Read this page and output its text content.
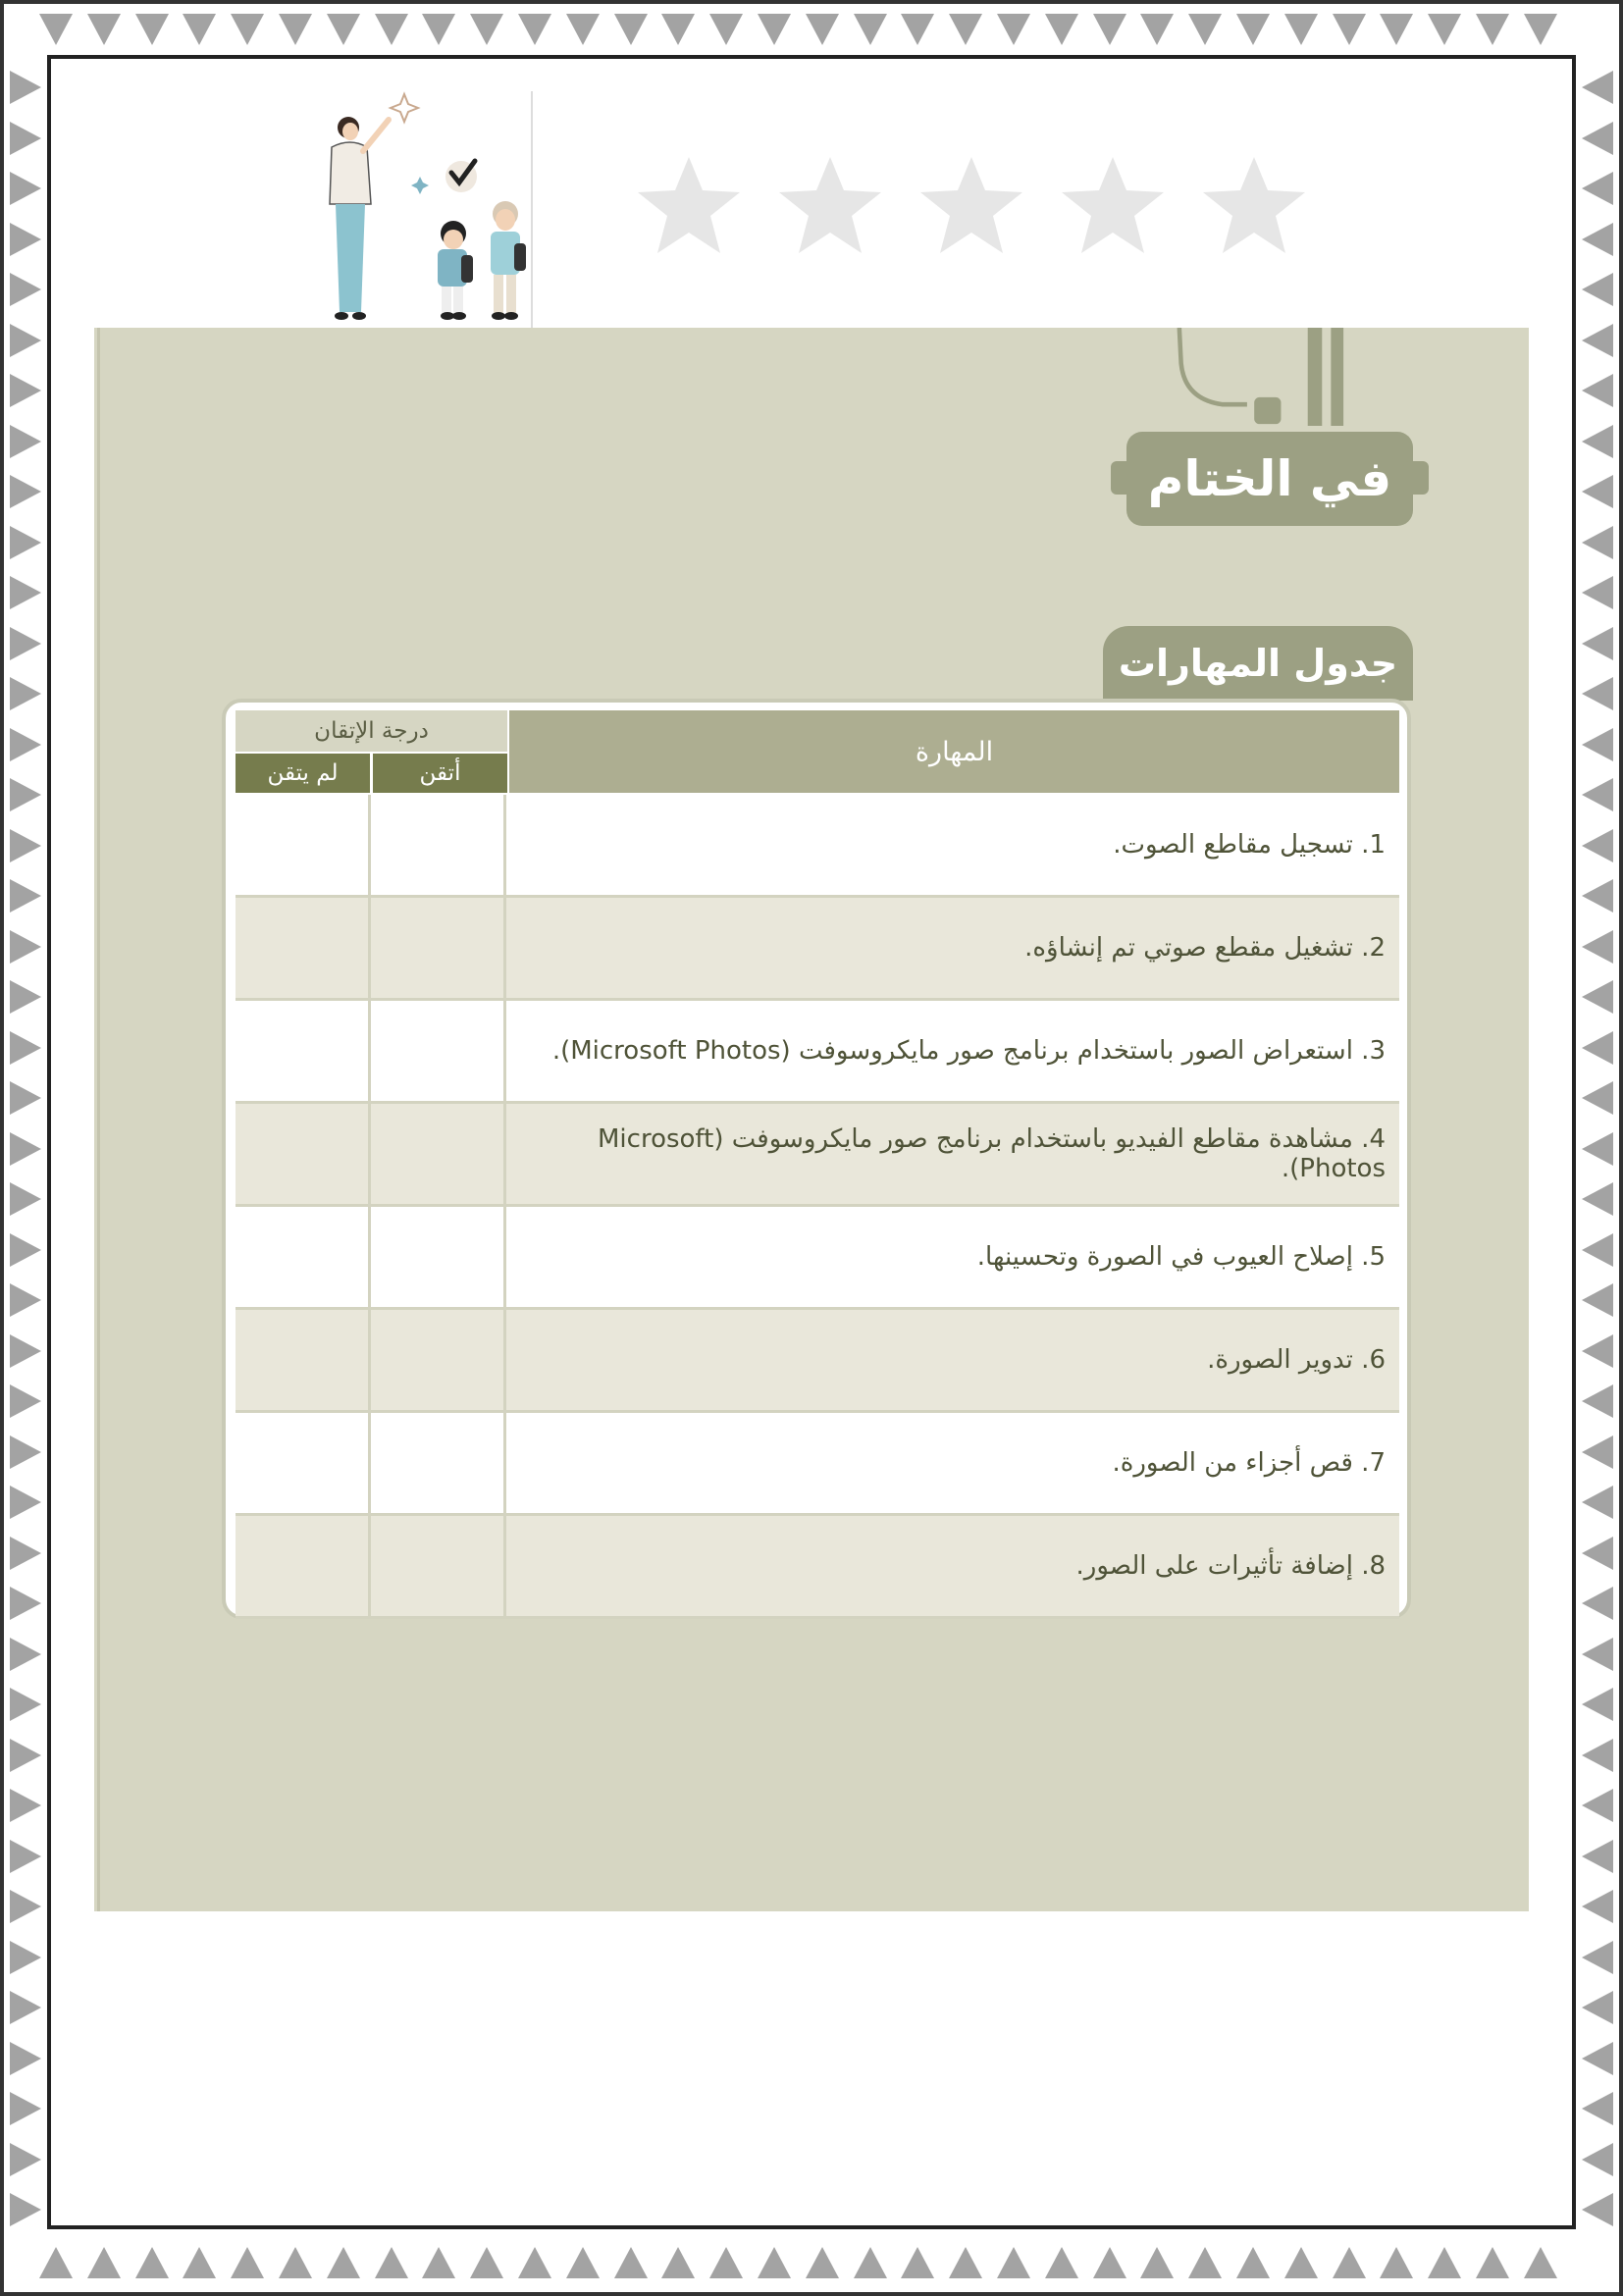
في الختام
جدول المهارات
المهارة
درجة الإتقان
أتقن
لم يتقن
1. تسجيل مقاطع الصوت.
2. تشغيل مقطع صوتي تم إنشاؤه.
3. استعراض الصور باستخدام برنامج صور مايكروسوفت (Microsoft Photos).
4. مشاهدة مقاطع الفيديو باستخدام برنامج صور مايكروسوفت (Microsoft Photos).
5. إصلاح العيوب في الصورة وتحسينها.
6. تدوير الصورة.
7. قص أجزاء من الصورة.
8. إضافة تأثيرات على الصور.
